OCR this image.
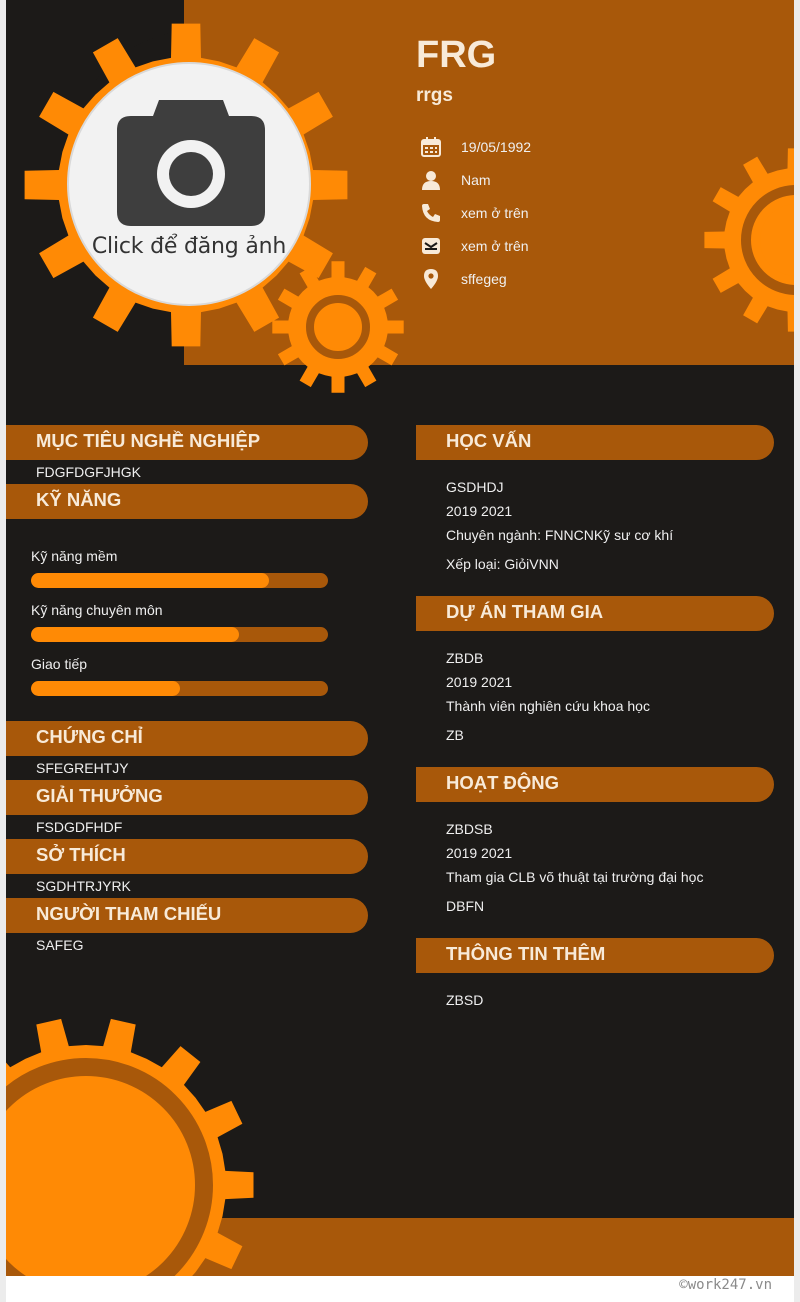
Click để đăng ảnh
FRG
rrgs
19/05/1992
Nam
xem ở trên
xem ở trên
sffegeg
MỤC TIÊU NGHỀ NGHIỆP
FDGFDGFJHGK
KỸ NĂNG
Kỹ năng mềm
Kỹ năng chuyên môn
Giao tiếp
CHỨNG CHỈ
SFEGREHTJY
GIẢI THƯỞNG
FSDGDFHDF
SỞ THÍCH
SGDHTRJYRK
NGƯỜI THAM CHIẾU
SAFEG
HỌC VẤN
GSDHDJ
2019 2021
Chuyên ngành: FNNCNKỹ sư cơ khí
Xếp loại: GiỏiVNN
DỰ ÁN THAM GIA
ZBDB
2019 2021
Thành viên nghiên cứu khoa học
ZB
HOẠT ĐỘNG
ZBDSB
2019 2021
Tham gia CLB võ thuật tại trường đại học
DBFN
THÔNG TIN THÊM
ZBSD
©work247.vn
